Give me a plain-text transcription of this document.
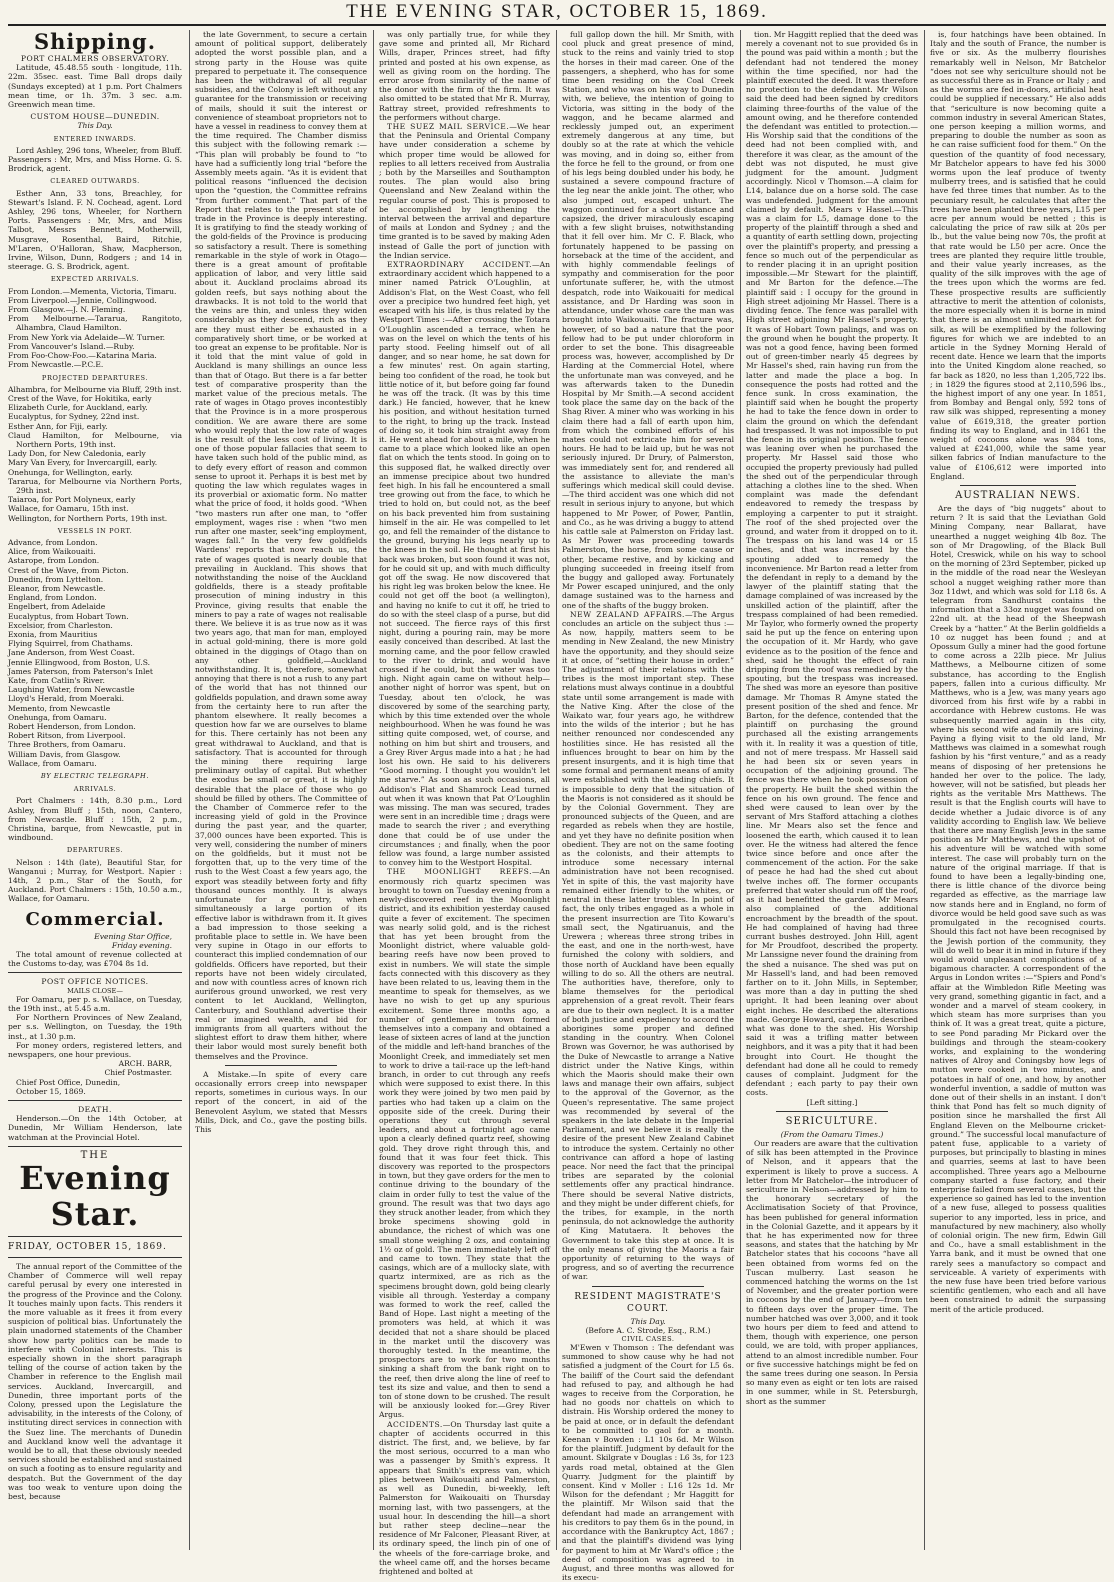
THE EVENING STAR, OCTOBER 15, 1869.
Shipping.

PORT CHALMERS OBSERVATORY.

Latitude, 45.48.55 south · longitude, 11h. 22m. 35sec. east. Time Ball drops daily (Sundays excepted) at 1 p.m. Port Chalmers mean time, or 1h. 37m. 3 sec. a.m. Greenwich mean time.

CUSTOM HOUSE—DUNEDIN.

This Day.

ENTERED INWARDS.

Lord Ashley, 296 tons, Wheeler, from Bluff. Passengers : Mr, Mrs, and Miss Horne. G. S. Brodrick, agent.

CLEARED OUTWARDS.

Esther Ann, 33 tons, Breachley, for Stewart's Island. F. N. Cochead, agent. Lord Ashley, 296 tons, Wheeler, for Northern Ports. Passengers : Mr, Mrs, and Miss Talbot, Messrs Bennett, Motherwill, Musgrave, Rosenthal, Baird, Ritchie, M'Laren, O'Halloran, Shaw, Macpherson, Irvine, Wilson, Dunn, Rodgers ; and 14 in steerage. G. S. Brodrick, agent.

EXPECTED ARRIVALS.

From London.—Mementa, Victoria, Timaru.

From Liverpool.—Jennie, Collingwood.

From Glasgow.—J. N. Fleming.

From Melbourne.—Tararua, Rangitoto, Alhambra, Claud Hamilton.

From New York via Adelaide—W. Turner.

From Vancouver's Island.—Ruby.

From Foo-Chow-Foo.—Katarina Maria.

From Newcastle.—P.C.E.

PROJECTED DEPARTURES.

Alhambra, for Melbourne via Bluff, 29th inst.

Crest of the Wave, for Hokitika, early

Elizabeth Curle, for Auckland, early.

Eucalyptus, for Sydney, 22nd inst.

Esther Ann, for Fiji, early.

Claud Hamilton, for Melbourne, via Northern Ports, 19th inst.

Lady Don, for New Caledonia, early

Mary Van Every, for Invercargill, early.

Onehunga, for Wellington, early.

Tararua, for Melbourne via Northern Ports, 29th inst.

Taiaroa, for Port Molyneux, early

Wallace, for Oamaru, 15th inst.

Wellington, for Northern Ports, 19th inst.

VESSELS IN PORT.

Advance, from London.

Alice, from Waikouaiti.

Astarope, from London.

Crest of the Wave, from Picton.

Dunedin, from Lyttelton.

Eleanor, from Newcastle.

England, from London.

Engelbert, from Adelaide

Eucalyptus, from Hobart Town.

Excelsior, from Charleston.

Exonia, from Mauritius

Flying Squirrel, from Chathams.

Jane Anderson, from West Coast.

Jennie Ellingwood, from Boston, U.S.

James Paterson, from Paterson's Inlet

Kate, from Catlin's River.

Laughing Water, from Newcastle

Lloyd's Herald, from Moeraki.

Memento, from Newcastle

Onehunga, from Oamaru.

Robert Henderson, from London.

Robert Ritson, from Liverpool.

Three Brothers, from Oamaru.

William Davis, from Glasgow.

Wallace, from Oamaru.

BY ELECTRIC TELEGRAPH.
ARRIVALS.

Port Chalmers : 14th, 8.30 p.m., Lord Ashley, from Bluff ; 15th, noon, Cantero, from Newcastle. Bluff : 15th, 2 p.m., Christina, barque, from Newcastle, put in windbound.

DEPARTURES.

Nelson : 14th (late), Beautiful Star, for Wanganui ; Murray, for Westport. Napier : 14th, 2 p.m., Star of the South, for Auckland. Port Chalmers : 15th, 10.50 a.m., Wallace, for Oamaru.

Commercial.

Evening Star Office,

Friday evening.

The total amount of revenue collected at the Customs to-day, was £704 8s 1d.

POST OFFICE NOTICES.

MAILS CLOSE—

For Oamaru, per p. s. Wallace, on Tuesday, the 19th inst., at 5.45 a.m.

For Northern Provinces of New Zealand, per s.s. Wellington, on Tuesday, the 19th inst., at 1.30 p.m.

For money orders, registered letters, and newspapers, one hour previous.

ARCH. BARR,

Chief Postmaster.

Chief Post Office, Dunedin,

October 15, 1869.

DEATH.

Henderson.—On the 14th October, at Dunedin, Mr William Henderson, late watchman at the Provincial Hotel.

THE
Evening Star.
FRIDAY, OCTOBER 15, 1869.

The annual report of the Committee of the Chamber of Commerce will well repay careful perusal by every one interested in the progress of the Province and the Colony. It touches mainly upon facts. This renders it the more valuable as it frees it from every suspicion of political bias. Unfortunately the plain unadorned statements of the Chamber show how party politics can be made to interfere with Colonial interests. This is especially shown in the short paragraph telling of the course of action taken by the Chamber in reference to the English mail services. Auckland, Invercargill, and Dunedin, three important ports of the Colony, pressed upon the Legislature the advisability, in the interests of the Colony, of instituting direct services in connection with the Suez line. The merchants of Dunedin and Auckland know well the advantage it would be to all, that these obviously needed services should be established and sustained on such a footing as to ensure regularity and despatch. But the Government of the day was too weak to venture upon doing the best, because

the late Government, to secure a certain amount of political support, deliberately adopted the worst possible plan, and a strong party in the House was quite prepared to perpetuate it. The consequence has been the withdrawal of all regular subsidies, and the Colony is left without any guarantee for the transmission or receiving of mails, should it suit the interest or convenience of steamboat proprietors not to have a vessel in readiness to convey them at the time required. The Chamber dismiss this subject with the following remark :— “This plan will probably be found to “to have had a sufficiently long trial “before the Assembly meets again. “As it is evident that political reasons “influenced the decision upon the “question, the Committee refrains “from further comment.” That part of the Report that relates to the present state of trade in the Province is deeply interesting. It is gratifying to find the steady working of the gold-fields of the Province is producing so satisfactory a result. There is something remarkable in the style of work in Otago—there is a great amount of profitable application of labor, and very little said about it. Auckland proclaims abroad its golden reefs, but says nothing about the drawbacks. It is not told to the world that the veins are thin, and unless they widen considerably as they descend, rich as they are they must either be exhausted in a comparatively short time, or be worked at too great an expense to be profitable. Nor is it told that the mint value of gold in Auckland is many shillings an ounce less than that of Otago. But there is a far better test of comparative prosperity than the market value of the precious metals. The rate of wages in Otago proves incontestibly that the Province is in a more prosperous condition. We are aware there are some who would reply that the low rate of wages is the result of the less cost of living. It is one of those popular fallacies that seem to have taken such hold of the public mind, as to defy every effort of reason and common sense to uproot it. Perhaps it is best met by quoting the law which regulates wages in its proverbial or axiomatic form. No matter what the price of food, it holds good. “When “two masters run after one man, to “offer employment, wages rise : when “two men run after one master, seek“ing employment, wages fall.” In the very few goldfields Wardens' reports that now reach us, the rate of wages quoted is nearly double that prevailing in Auckland. This shows that notwithstanding the noise of the Auckland goldfields, there is a steady profitable prosecution of mining industry in this Province, giving results that enable the miners to pay a rate of wages not realisable there. We believe it is as true now as it was two years ago, that man for man, employed in actual gold-mining, there is more gold obtained in the diggings of Otago than on any other goldfield,—Auckland notwithstanding. It is, therefore, somewhat annoying that there is not a rush to any part of the world that has not thinned our goldfields population, and drawn some away from the certainty here to run after the phantom elsewhere. It really becomes a question how far we are ourselves to blame for this. There certainly has not been any great withdrawal to Auckland, and that is satisfactory. That is accounted for through the mining there requiring large preliminary outlay of capital. But whether the exodus be small or great, it is highly desirable that the place of those who go should be filled by others. The Committee of the Chamber of Commerce refer to the increasing yield of gold in the Province during the past year, and the quarter, 37,000 ounces have been exported. This is very well, considering the number of miners on the goldfields, but it must not be forgotten that, up to the very time of the rush to the West Coast a few years ago, the export was steadily between forty and fifty thousand ounces monthly. It is always unfortunate for a country, when simultaneously a large portion of its effective labor is withdrawn from it. It gives a bad impression to those seeking a profitable place to settle in. We have been very supine in Otago in our efforts to counteract this implied condemnation of our goldfields. Officers have reported, but their reports have not been widely circulated, and now with countless acres of known rich auriferous ground unworked, we rest very content to let Auckland, Wellington, Canterbury, and Southland advertise their real or imagined wealth, and bid for immigrants from all quarters without the slightest effort to draw them hither, where their labor would most surely benefit both themselves and the Province.

A Mistake.—In spite of every care occasionally errors creep into newspaper reports, sometimes in curious ways. In our report of the concert, in aid of the Benevolent Asylum, we stated that Messrs Mills, Dick, and Co., gave the posting bills. This

was only partially true, for while they gave some and printed all, Mr Richard Wills, draper, Princes street, had fifty printed and posted at his own expense, as well as giving room on the hording. The error arose from similarity of the name of the donor with the firm of the firm. It was also omitted to be stated that Mr R. Murray, Rattray street, provided refreshments to the performers without charge.

THE SUEZ MAIL SERVICE.—We hear that the Peninsula and Oriental Company have under consideration a scheme by which proper time would be allowed for replies to all letters received from Australia ; both by the Marseilles and Southampton routes. The plan would also bring Queensland and New Zealand within the regular course of post. This is proposed to be accomplished by lengthening the interval between the arrival and departure of mails at London and Sydney ; and the time granted is to be saved by making Aden instead of Galle the port of junction with the Indian service.

EXTRAORDINARY ACCIDENT.—An extraordinary accident which happened to a miner named Patrick O'Loughlin, at Addison's Flat, on the West Coast, who fell over a precipice two hundred feet high, yet escaped with his life, is thus related by the Westport Times :—After crossing the Totara O'Loughlin ascended a terrace, when he was on the level on which the tents of his party stood. Feeling himself out of all danger, and so near home, he sat down for a few minutes' rest. On again starting, being too confident of the road, he took but little notice of it, but before going far found he was off the track. (It was by this time dark.) He fancied, however, that he knew his position, and without hesitation turned to the right, to bring up the track. Instead of doing so, it took him straight away from it. He went ahead for about a mile, when he came to a place which looked like an open flat on which the tents stood. In going on to this supposed flat, he walked directly over an immense precipice about two hundred feet high. In his fall he encountered a small tree growing out from the face, to which he tried to hold on, but could not, as the beef on his back prevented him from sustaining himself in the air. He was compelled to let go, and fell the remainder of the distance to the ground, burying his legs nearly up to the knees in the soil. He thought at first his back was broken, but soon found it was not, for he could sit up, and with much difficulty got off the swag. He now discovered that his right leg was broken below the knee. He could not get off the boot (a wellington), and having no knife to cut it off, he tried to do so with the steel clasp of a purse, but did not succeed. The fierce rays of this first night, during a pouring rain, may be more easily conceived than described. At last the morning came, and the poor fellow crawled to the river to drink, and would have crossed if he could, but the water was too high. Night again came on without help—another night of horror was spent, but on Tuesday, about ten o'clock, he was discovered by some of the searching party, which by this time extended over the whole neighbourhood. When he was found he was sitting quite composed, wet, of course, and nothing on him but shirt and trousers, and a Grey River Argus made into a hat ; he had lost his own. He said to his deliverers “Good morning. I thought you wouldn't let me starve.” As soon as such occasions, all Addison's Flat and Shamrock Lead turned out when it was known that Pat O'Loughlin was missing. The man was secured, trades were sent in an incredible time ; drags were made to search the river ; and everything done that could be of use under the circumstances ; and finally, when the poor fellow was found, a large number assisted to convey him to the Westport Hospital.

THE MOONLIGHT REEFS.—An enormously rich quartz specimen was brought to town on Tuesday evening from a newly-discovered reef in the Moonlight district, and its exhibition yesterday caused quite a fever of excitement. The specimen was nearly solid gold, and is the richest that has yet been brought from the Moonlight district, where valuable gold-bearing reefs have now been proved to exist in numbers. We will state the simple facts connected with this discovery as they have been related to us, leaving them in the meantime to speak for themselves, as we have no wish to get up any spurious excitement. Some three months ago, a number of gentlemen in town formed themselves into a company and obtained a lease of sixteen acres of land at the junction of the middle and left-hand branches of the Moonlight Creek, and immediately set men to work to drive a tail-race up the left-hand branch, in order to cut through any reefs which were supposed to exist there. In this work they were joined by two men paid by parties who had taken up a claim on the opposite side of the creek. During their operations they cut through several leaders, and about a fortnight ago came upon a clearly defined quartz reef, showing gold. They drove right through this, and found that it was four feet thick. This discovery was reported to the prospectors in town, but they gave orders for the men to continue driving to the boundary of the claim in order fully to test the value of the ground. The result was that two days ago they struck another leader, from which they broke specimens showing gold in abundance, the richest of which was one small stone weighing 2 ozs, and containing 1½ oz of gold. The men immediately left off and came to town. They state that the casings, which are of a mullocky slate, with quartz intermixed, are as rich as the specimens brought down, gold being clearly visible all through. Yesterday a company was formed to work the reef, called the Band of Hope. Last night a meeting of the promoters was held, at which it was decided that not a share should be placed in the market until the discovery was thoroughly tested. In the meantime, the prospectors are to work for two months sinking a shaft from the bank right on to the reef, then drive along the line of reef to test its size and value, and then to send a ton of stone down to be crushed. The result will be anxiously looked for.—Grey River Argus.

ACCIDENTS.—On Thursday last quite a chapter of accidents occurred in this district. The first, and, we believe, by far the most serious, occurred to a man who was a passenger by Smith's express. It appears that Smith's express van, which plies between Waikouaiti and Palmerston, as well as Dunedin, bi-weekly, left Palmerston for Waikouaiti on Thursday morning last, with two passengers, at the usual hour. In descending the hill—a short but rather steep decline—near the residence of Mr Falconer, Pleasant River, at its ordinary speed, the linch pin of one of the wheels of the fore-carriage broke, and the wheel came off, and the horses became frightened and bolted at

full gallop down the hill. Mr Smith, with cool pluck and great presence of mind, stuck to the reins and vainly tried to stop the horses in their mad career. One of the passengers, a shepherd, who has for some time been residing on the Coal Creek Station, and who was on his way to Dunedin with, we believe, the intention of going to Victoria, was sitting in the body of the waggon, and he became alarmed and recklessly jumped out, an experiment extremely dangerous at any time, but doubly so at the rate at which the vehicle was moving, and in doing so, either from the force he fell to the ground, or from one of his legs being doubled under his body, he sustained a severe compound fracture of the leg near the ankle joint. The other, who also jumped out, escaped unhurt. The waggon continued for a short distance and capsized, the driver miraculously escaping with a few slight bruises, notwithstanding that it fell over him. Mr C. F. Black, who fortunately happened to be passing on horseback at the time of the accident, and with highly commendable feelings of sympathy and commiseration for the poor unfortunate sufferer, he, with the utmost despatch, rode into Waikouaiti for medical assistance, and Dr Harding was soon in attendance, under whose care the man was brought into Waikouaiti. The fracture was, however, of so bad a nature that the poor fellow had to be put under chloroform in order to set the bone. This disagreeable process was, however, accomplished by Dr Harding at the Commercial Hotel, where the unfortunate man was conveyed, and he was afterwards taken to the Dunedin Hospital by Mr Smith.—A second accident took place the same day on the back of the Shag River. A miner who was working in his claim there had a fall of earth upon him, from which the combined efforts of his mates could not extricate him for several hours. He had to be laid up, but he was not seriously injured. Dr Drury, of Palmerston, was immediately sent for, and rendered all the assistance to alleviate the man's sufferings which medical skill could devise.—The third accident was one which did not result in serious injury to anyone, but which happened to Mr Power, of Power, Pantlin, and Co., as he was driving a buggy to attend his cattle sale at Palmerston on Friday last. As Mr Power was proceeding towards Palmerston, the horse, from some cause or other, became restive, and by kicking and plunging succeeded in freeing itself from the buggy and galloped away. Fortunately Mr Power escaped uninjured, and the only damage sustained was to the harness and one of the shafts of the buggy broken.

NEW ZEALAND AFFAIRS.—The Argus concludes an article on the subject thus :—As now, happily, matters seem to be mending in New Zealand, the new Ministry have the opportunity, and they should seize it at once, of “setting their house in order.” The adjustment of their relations with the tribes is the most important step. These relations must always continue in a doubtful state until some arrangement is made with the Native King. After the close of the Waikato war, four years ago, he withdrew into the wilds of the interior ; but he has neither renounced nor condescended any hostilities since. He has resisted all the influences brought to bear on him by the present insurgents, and it is high time that some formal and permanent means of amity were established with the leading chiefs. It is impossible to deny that the situation of the Maoris is not considered as it should be by the Colonial Government. They are pronounced subjects of the Queen, and are regarded as rebels when they are hostile, and yet they have no definite position when obedient. They are not on the same footing as the colonists, and their attempts to introduce some necessary internal administration have not been recognised. Yet in spite of this, the vast majority have remained either friendly to the whites, or neutral in these latter troubles. In point of fact, the only tribes engaged as a whole in the present insurrection are Tito Kowaru's small sect, the Ngatiruanuis, and the Urewera ; whereas three strong tribes in the east, and one in the north-west, have furnished the colony with soldiers, and those north of Auckland have been equally willing to do so. All the others are neutral. The authorities have, therefore, only to blame themselves for the periodical apprehension of a great revolt. Their fears are due to their own neglect. It is a matter of both justice and expediency to accord the aborigines some proper and defined standing in the country. When Colonel Brown was Governor, he was authorised by the Duke of Newcastle to arrange a Native district under the Native Kings, within which the Maoris should make their own laws and manage their own affairs, subject to the approval of the Governor, as the Queen's representative. The same project was recommended by several of the speakers in the late debate in the Imperial Parliament, and we believe it is really the desire of the present New Zealand Cabinet to introduce the system. Certainly no other contrivance can afford a hope of lasting peace. Nor need the fact that the principal tribes are separated by the colonial settlements offer any practical hindrance. There should be several Native districts, and they might be under different chiefs, for the tribes, for example, in the north peninsula, do not acknowledge the authority of King Matutaera. It behoves the Government to take this step at once. It is the only means of giving the Maoris a fair opportunity of returning to the ways of progress, and so of averting the recurrence of war.

RESIDENT MAGISTRATE'S COURT.

This Day.

(Before A. C. Strode, Esq., R.M.)

CIVIL CASES.

M'Ewen v Thomson : The defendant was summoned to show cause why he had not satisfied a judgment of the Court for L5 6s. The bailiff of the Court said the defendant had refused to pay, and although he had wages to receive from the Corporation, he had no goods nor chattels on which to distrain. His Worship ordered the money to be paid at once, or in default the defendant to be committed to gaol for a month. Keenan v Bowden : L1 10s 6d. Mr Wilson for the plaintiff. Judgment by default for the amount. Skilgrate v Douglas : L6 3s, for 123 yards road metal, obtained at the Glen Quarry. Judgment for the plaintiff by consent. Kind v Moller : L16 12s 1d. Mr Wilson for the defendant ; Mr Haggitt for the plaintiff. Mr Wilson said that the defendant had made an arrangement with his creditors to pay them 6s in the pound, in accordance with the Bankruptcy Act, 1867 ; and that the plaintiff's dividend was lying for payment to him at Mr Ward's office ; the deed of composition was agreed to in August, and three months was allowed for its execu-

tion. Mr Haggitt replied that the deed was merely a covenant not to sue provided 6s in the pound was paid within a month ; but the defendant had not tendered the money within the time specified, nor had the plaintiff executed the deed. It was therefore no protection to the defendant. Mr Wilson said the deed had been signed by creditors claiming three-fourths of the value of the amount owing, and he therefore contended the defendant was entitled to protection.—His Worship said that the conditions of the deed had not been complied with, and therefore it was clear, as the amount of the debt was not disputed, he must give judgment for the amount. Judgment accordingly. Nicol v Thomson.—A claim for L14, balance due on a horse sold. The case was undefended. Judgment for the amount claimed by default. Mears v Hassel.—This was a claim for L5, damage done to the property of the plaintiff through a shed and a quantity of earth settling down, projecting over the plaintiff's property, and pressing a fence so much out of the perpendicular as to render placing it in an upright position impossible.—Mr Stewart for the plaintiff, and Mr Barton for the defence.—The plaintiff said : I occupy for the ground in High street adjoining Mr Hassel. There is a dividing fence. The fence was parallel with High street adjoining Mr Hassel's property. It was of Hobart Town palings, and was on the ground when he bought the property. It was not a good fence, having been formed out of green-timber nearly 45 degrees by Mr Hassel's shed, rain having run from the latter and made the place a bog. In consequence the posts had rotted and the fence sunk. In cross examination, the plaintiff said when he bought the property he had to take the fence down in order to claim the ground on which the defendant had trespassed. It was not impossible to put the fence in its original position. The fence was leaning over when he purchased the property. Mr Hassel said those who occupied the property previously had pulled the shed out of the perpendicular through attaching a clothes line to the shed. When complaint was made the defendant endeavored to remedy the trespass by employing a carpenter to put it straight. The roof of the shed projected over the ground, and water from it dropped on to it. The trespass on his land was 14 or 15 inches, and that was increased by the spouting added to remedy the inconvenience. Mr Barton read a letter from the defendant in reply to a demand by the lawyer of the plaintiff stating that the damage complained of was increased by the unskilled action of the plaintiff, after the trespass complained of had been remedied. Mr Taylor, who formerly owned the property said he put up the fence on entering upon the occupation of it. Mr Hardy, who gave evidence as to the position of the fence and shed, said he thought the effect of rain dripping from the roof was remedied by the spouting, but the trespass was increased. The shed was more an eyesore than positive damage. Mr Thomas R Amyne stated the present position of the shed and fence. Mr Barton, for the defence, contended that the plaintiff on purchasing the ground purchased all the existing arrangements with it. In reality it was a question of title, and not of mere trespass. Mr Hassell said he had been six or seven years in occupation of the adjoining ground. The fence was there when he took possession of the property. He built the shed within the fence on his own ground. The fence and shed were caused to lean over by the servant of Mrs Stafford attaching a clothes line. Mr Mears also set the fence and loosened the earth, which caused it to lean over. He the witness had altered the fence twice since before and once after the commencement of the action. For the sake of peace he had had the shed cut about twelve inches off. The former occupants preferred that water should run off the roof, as it had benefitted the garden. Mr Mears also complained of the additional encroachment by the breadth of the spout. He had complained of having had three currant bushes destroyed. John Hill, agent for Mr Proudfoot, described the property. Mr Lanssigne never found the draining from the shed a nuisance. The shed was put on Mr Hassell's land, and had been removed farther on to it. John Mills, in September, was more than a day in putting the shed upright. It had been leaning over about eight inches. He described the alterations made. George Howard, carpenter, described what was done to the shed. His Worship said it was a trifling matter between neighbors, and it was a pity that it had been brought into Court. He thought the defendant had done all he could to remedy causes of complaint. Judgment for the defendant ; each party to pay their own costs.

[Left sitting.]

SERICULTURE.

(From the Oamaru Times.)

Our readers are aware that the cultivation of silk has been attempted in the Province of Nelson, and it appears that the experiment is likely to prove a success. A letter from Mr Batchelor—the introducer of sericulture in Nelson—addressed by him to the honorary secretary of the Acclimatisation Society of that Province, has been published for general information in the Colonial Gazette, and it appears by it that he has experimented now for three seasons, and states that the hatching by Mr Batchelor states that his cocoons “have all been obtained from worms fed on the Tuscan mulberry. Last season he commenced hatching the worms on the 1st of November, and the greater portion were in cocoons by the end of January—from ten to fifteen days over the proper time. The number hatched was over 3,000, and it took two hours per diem to feed and attend to them, though with experience, one person could, we are told, with proper appliances, attend to an almost incredible number. Four or five successive hatchings might be fed on the same trees during one season. In Persia so many even as eight or ten lots are raised in one summer, while in St. Petersburgh, short as the summer

is, four hatchings have been obtained. In Italy and the south of France, the number is five or six. As the mulberry flourishes remarkably well in Nelson, Mr Batchelor “does not see why sericulture should not be as successful there as in France or Italy ; and as the worms are fed in-doors, artificial heat could be supplied if necessary.” He also adds that “sericulture is now becoming quite a common industry in several American States, one person keeping a million worms, and preparing to double the number as soon as he can raise sufficient food for them.” On the question of the quantity of food necessary, Mr Batchelor appears to have fed his 3000 worms upon the leaf produce of twenty mulberry trees, and is satisfied that he could have fed three times that number. As to the pecuniary result, he calculates that after the trees have been planted three years, L15 per acre per annum would be netted ; this is calculating the price of raw silk at 20s per lb., but the value being now 70s, the profit at that rate would be L50 per acre. Once the trees are planted they require little trouble, and their value yearly increases, as the quality of the silk improves with the age of the trees upon which the worms are fed. These prospective results are sufficiently attractive to merit the attention of colonists, the more especially when it is borne in mind that there is an almost unlimited market for silk, as will be exemplified by the following figures for which we are indebted to an article in the Sydney Morning Herald of recent date. Hence we learn that the imports into the United Kingdom alone reached, so far back as 1820, no less than 1,205,722 lbs. ; in 1829 the figures stood at 2,110,596 lbs., the highest import of any one year. In 1851, from Bombay and Bengal only, 592 tons of raw silk was shipped, representing a money value of £619,318, the greater portion finding its way to England, and in 1861 the weight of cocoons alone was 984 tons, valued at £241,000, while the same year silken fabrics of Indian manufacture to the value of £106,612 were imported into England.

AUSTRALIAN NEWS.

Are the days of “big nuggets” about to return ? It is said that the Leviathan Gold Mining Company, near Ballarat, have unearthed a nugget weighing 4lb 8oz. The son of Mr Dragowling, of the Black Bull Hotel, Creswick, while on his way to school on the morning of 23rd September, picked up in the middle of the road near the Wesleyan school a nugget weighing rather more than 3oz 11dwt, and which was sold for L18 6s. A telegram from Sandhurst contains the information that a 33oz nugget was found on 22nd ult. at the head of the Sheepwash Creek by a “hatter.” At the Berlin goldfields a 10 oz nugget has been found ; and at Opossum Gully a miner had the good fortune to come across a 22lb piece. Mr Julius Matthews, a Melbourne citizen of some substance, has according to the English papers, fallen into a curious difficulty. Mr Matthews, who is a Jew, was many years ago divorced from his first wife by a rabbi in accordance with Hebrew customs. He was subsequently married again in this city, where his second wife and family are living. Paying a flying visit to the old land, Mr Matthews was claimed in a somewhat rough fashion by his “first venture,” and as a ready means of disposing of her pretensions he handed her over to the police. The lady, however, will not be satisfied, but pleads her rights as the veritable Mrs Matthews. The result is that the English courts will have to decide whether a Judaic divorce is of any validity according to English law. We believe that there are many English Jews in the same position as Mr Matthews, and the upshot of his adventure will be watched with some interest. The case will probably turn on the nature of the original marriage. If that is found to have been a legally-binding one, there is little chance of the divorce being regarded as effective, as the marriage law now stands here and in England, no form of divorce would be held good save such as was promulgated in the recognised courts. Should this fact not have been recognised by the Jewish portion of the community, they will do well to bear it in mind in future if they would avoid unpleasant complications of a bigamous character. A correspondent of the Argus in London writes :—“Spiers and Pond's affair at the Wimbledon Rifle Meeting was very grand, something gigantic in fact, and a wonder and a marvel of steam cookery, in which steam has more surprises than you think of. It was a great treat, quite a picture, to see Pond parading Mr Pickard over the buildings and through the steam-cookery works, and explaining to the wondering natives of Alroy and Coningsby how legs of mutton were cooked in two minutes, and potatoes in half of one, and how, by another wonderful invention, a saddle of mutton was done out of their shells in an instant. I don't think that Pond has felt so much dignity of position since he marshalled the first All England Eleven on the Melbourne cricket-ground.” The successful local manufacture of patent fuse, applicable to a variety of purposes, but principally to blasting in mines and quarries, seems at last to have been accomplished. Three years ago a Melbourne company started a fuse factory, and their enterprise failed from several causes, but the experience so gained has led to the invention of a new fuse, alleged to possess qualities superior to any imported, less in price, and manufactured by new machinery, also wholly of colonial origin. The new firm, Edwin Gill and Co., have a small establishment in the Yarra bank, and it must be owned that one rarely sees a manufactory so compact and serviceable. A variety of experiments with the new fuse have been tried before various scientific gentlemen, who each and all have been constrained to admit the surpassing merit of the article produced.
